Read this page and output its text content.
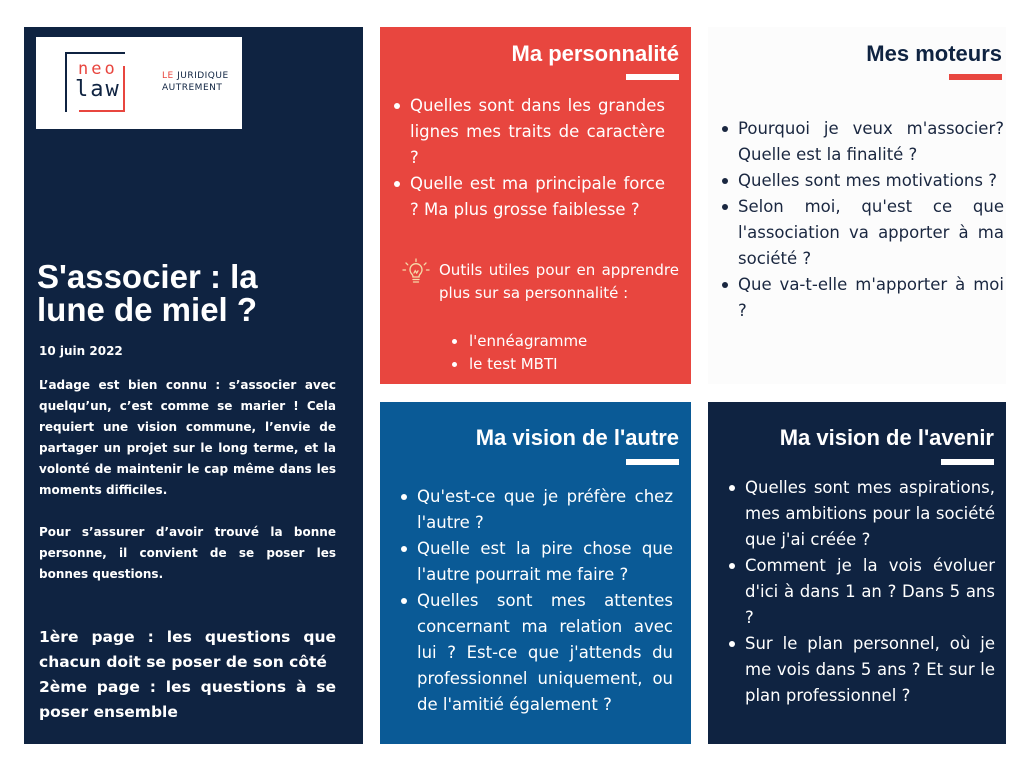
neo
law
LE JURIDIQUE
AUTREMENT
S'associer : la
lune de miel ?
10 juin 2022

L’adage est bien connu : s’associer avec quelqu’un, c’est comme se marier ! Cela requiert une vision commune, l’envie de partager un projet sur le long terme, et la volonté de maintenir le cap même dans les moments difficiles.

Pour s’assurer d’avoir trouvé la bonne personne, il convient de se poser les bonnes questions.

1ère page : les questions que chacun doit se poser de son côté
2ème page : les questions à se poser ensemble
Ma personnalité
Quelles sont dans les grandes lignes mes traits de caractère ?
Quelle est ma principale force ? Ma plus grosse faiblesse ?
Outils utiles pour en apprendre plus sur sa personnalité :
l'ennéagramme
le test MBTI
Mes moteurs
Pourquoi je veux m'associer? Quelle est la finalité ?
Quelles sont mes motivations ?
Selon moi, qu'est ce que l'association va apporter à ma société ?
Que va-t-elle m'apporter à moi ?
Ma vision de l'autre
Qu'est-ce que je préfère chez l'autre ?
Quelle est la pire chose que l'autre pourrait me faire ?
Quelles sont mes attentes concernant ma relation avec lui ? Est-ce que j'attends du professionnel uniquement, ou de l'amitié également ?
Ma vision de l'avenir
Quelles sont mes aspirations, mes ambitions pour la société que j'ai créée ?
Comment je la vois évoluer d'ici à dans 1 an ? Dans 5 ans ?
Sur le plan personnel, où je me vois dans 5 ans ? Et sur le plan professionnel ?
